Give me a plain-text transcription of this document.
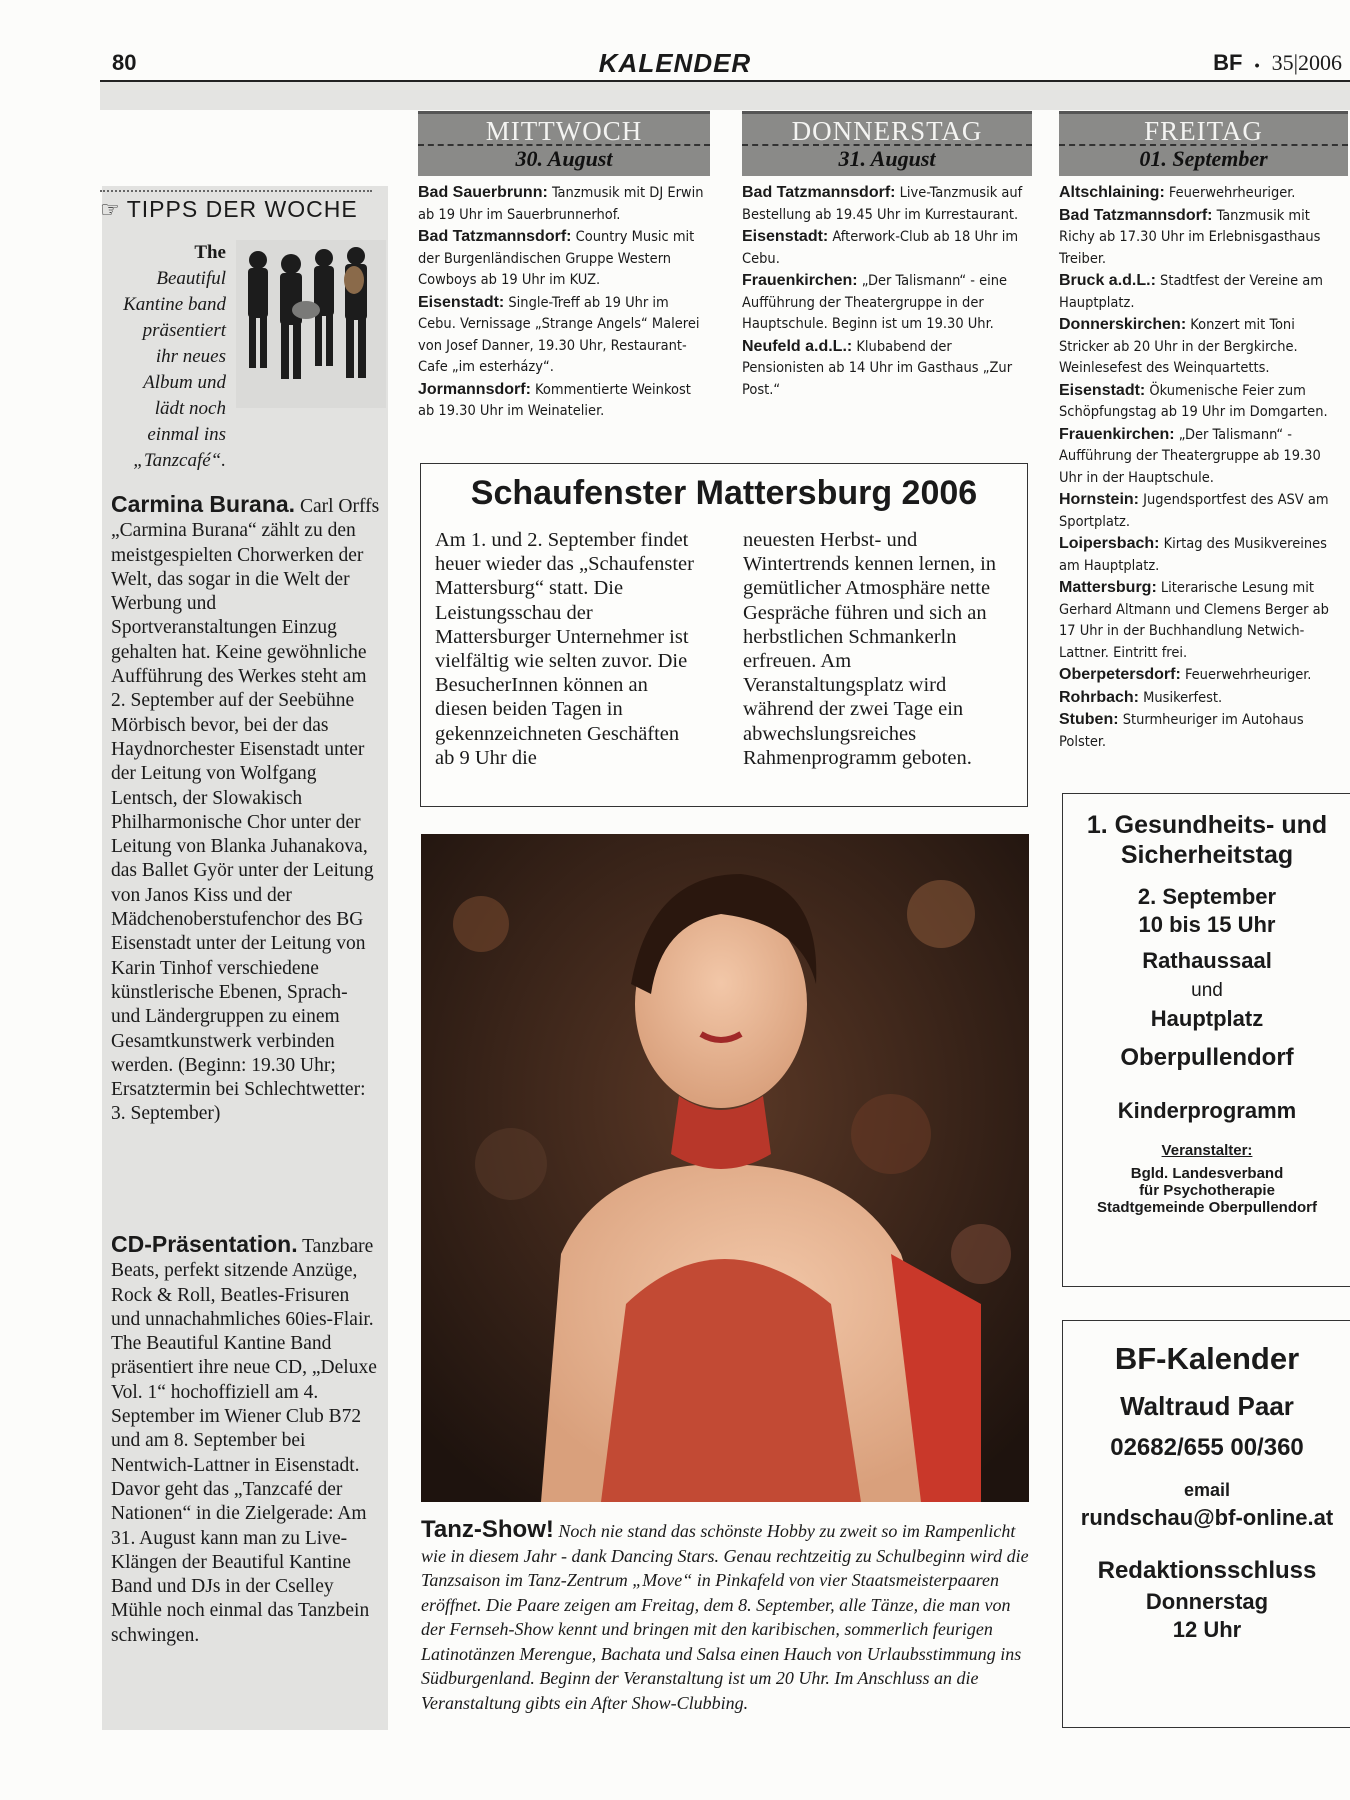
80	KALENDER	BF • 35|2006
☞ TIPPS DER WOCHE
The Beautiful Kantine band präsentiert ihr neues Album und lädt noch einmal ins „Tanzcafé“.
Carmina Burana. Carl Orffs „Carmina Burana“ zählt zu den meistgespielten Chorwerken der Welt, das sogar in die Welt der Werbung und Sportveranstaltungen Einzug gehalten hat. Keine gewöhnliche Aufführung des Werkes steht am 2. September auf der Seebühne Mörbisch bevor, bei der das Haydnorchester Eisenstadt unter der Leitung von Wolfgang Lentsch, der Slowakisch Philharmonische Chor unter der Leitung von Blanka Juhanakova, das Ballet Györ unter der Leitung von Janos Kiss und der Mädchenoberstufenchor des BG Eisenstadt unter der Leitung von Karin Tinhof verschiedene künstlerische Ebenen, Sprach- und Ländergruppen zu einem Gesamtkunstwerk verbinden werden. (Beginn: 19.30 Uhr; Ersatztermin bei Schlechtwetter: 3. September)
CD-Präsentation. Tanzbare Beats, perfekt sitzende Anzüge, Rock & Roll, Beatles-Frisuren und unnachahmliches 60ies-Flair. The Beautiful Kantine Band präsentiert ihre neue CD, „Deluxe Vol. 1“ hochoffiziell am 4. September im Wiener Club B72 und am 8. September bei Nentwich-Lattner in Eisenstadt. Davor geht das „Tanzcafé der Nationen“ in die Zielgerade: Am 31. August kann man zu Live-Klängen der Beautiful Kantine Band und DJs in der Cselley Mühle noch einmal das Tanzbein schwingen.
MITTWOCH
30. August
Bad Sauerbrunn: Tanzmusik mit DJ Erwin ab 19 Uhr im Sauerbrunnerhof.
Bad Tatzmannsdorf: Country Music mit der Burgenländischen Gruppe Western Cowboys ab 19 Uhr im KUZ.
Eisenstadt: Single-Treff ab 19 Uhr im Cebu. Vernissage „Strange Angels“ Malerei von Josef Danner, 19.30 Uhr, Restaurant-Cafe „im esterházy“.
Jormannsdorf: Kommentierte Weinkost ab 19.30 Uhr im Weinatelier.
DONNERSTAG
31. August
Bad Tatzmannsdorf: Live-Tanzmusik auf Bestellung ab 19.45 Uhr im Kurrestaurant.
Eisenstadt: Afterwork-Club ab 18 Uhr im Cebu.
Frauenkirchen: „Der Talismann“ - eine Aufführung der Theatergruppe in der Hauptschule. Beginn ist um 19.30 Uhr.
Neufeld a.d.L.: Klubabend der Pensionisten ab 14 Uhr im Gasthaus „Zur Post.“
FREITAG
01. September
Altschlaining: Feuerwehrheuriger.
Bad Tatzmannsdorf: Tanzmusik mit Richy ab 17.30 Uhr im Erlebnisgasthaus Treiber.
Bruck a.d.L.: Stadtfest der Vereine am Hauptplatz.
Donnerskirchen: Konzert mit Toni Stricker ab 20 Uhr in der Bergkirche. Weinlesefest des Weinquartetts.
Eisenstadt: Ökumenische Feier zum Schöpfungstag ab 19 Uhr im Domgarten.
Frauenkirchen: „Der Talismann“ - Aufführung der Theatergruppe ab 19.30 Uhr in der Hauptschule.
Hornstein: Jugendsportfest des ASV am Sportplatz.
Loipersbach: Kirtag des Musikvereines am Hauptplatz.
Mattersburg: Literarische Lesung mit Gerhard Altmann und Clemens Berger ab 17 Uhr in der Buchhandlung Netwich-Lattner. Eintritt frei.
Oberpetersdorf: Feuerwehrheuriger.
Rohrbach: Musikerfest.
Stuben: Sturmheuriger im Autohaus Polster.
Schaufenster Mattersburg 2006
Am 1. und 2. September findet heuer wieder das „Schaufenster Mattersburg“ statt. Die Leistungsschau der Mattersburger Unternehmer ist vielfältig wie selten zuvor. Die BesucherInnen können an diesen beiden Tagen in gekennzeichneten Geschäften ab 9 Uhr die
neuesten Herbst- und Wintertrends kennen lernen, in gemütlicher Atmosphäre nette Gespräche führen und sich an herbstlichen Schmankerln erfreuen. Am Veranstaltungsplatz wird während der zwei Tage ein abwechslungsreiches Rahmenprogramm geboten.
Tanz-Show! Noch nie stand das schönste Hobby zu zweit so im Rampenlicht wie in diesem Jahr - dank Dancing Stars. Genau rechtzeitig zu Schulbeginn wird die Tanzsaison im Tanz-Zentrum „Move“ in Pinkafeld von vier Staatsmeisterpaaren eröffnet. Die Paare zeigen am Freitag, dem 8. September, alle Tänze, die man von der Fernseh-Show kennt und bringen mit den karibischen, sommerlich feurigen Latinotänzen Merengue, Bachata und Salsa einen Hauch von Urlaubsstimmung ins Südburgenland. Beginn der Veranstaltung ist um 20 Uhr. Im Anschluss an die Veranstaltung gibts ein After Show-Clubbing.
1. Gesundheits- und Sicherheitstag
2. September
10 bis 15 Uhr
Rathaussaal
und
Hauptplatz
Oberpullendorf
Kinderprogramm
Veranstalter:
Bgld. Landesverband
für Psychotherapie
Stadtgemeinde Oberpullendorf
BF-Kalender
Waltraud Paar
02682/655 00/360
email
rundschau@bf-online.at
Redaktionsschluss
Donnerstag
12 Uhr
